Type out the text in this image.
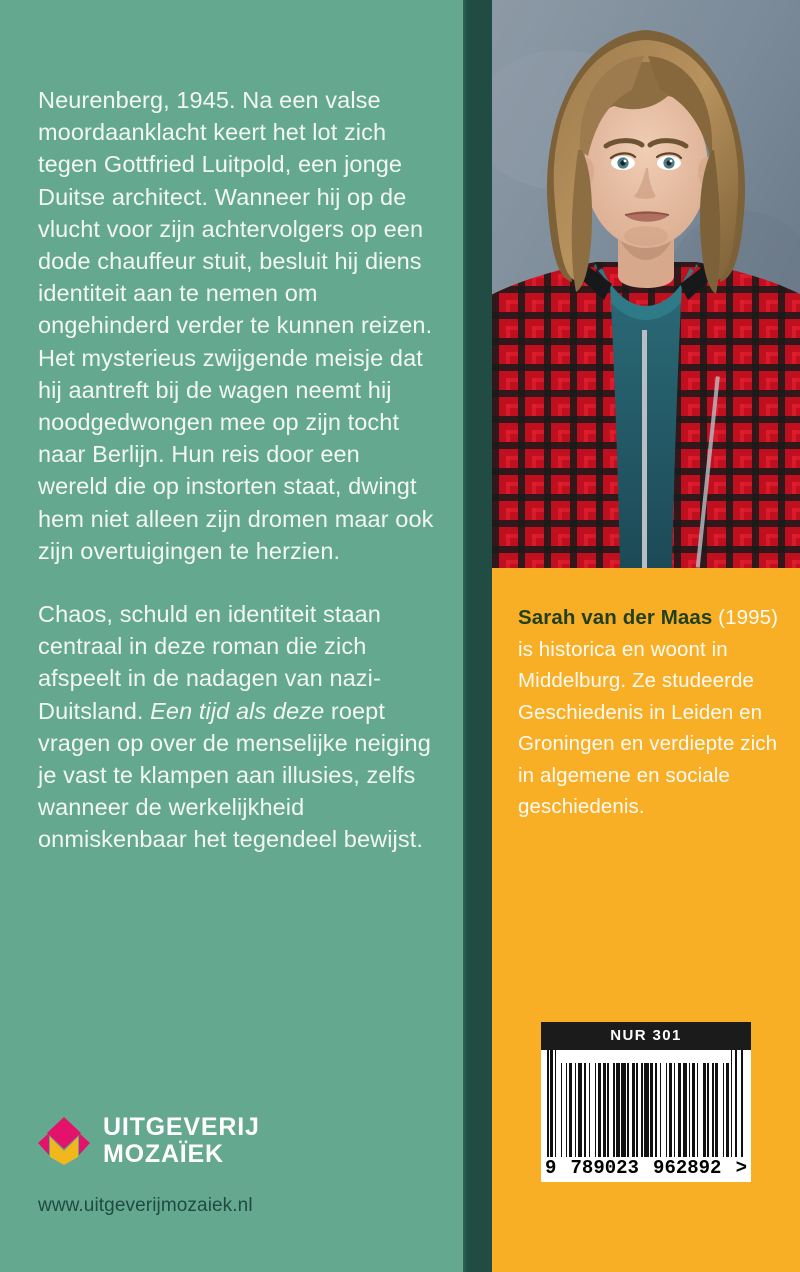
Neurenberg, 1945. Na een valse moordaanklacht keert het lot zich tegen Gottfried Luitpold, een jonge Duitse architect. Wanneer hij op de vlucht voor zijn achtervolgers op een dode chauffeur stuit, besluit hij diens identiteit aan te nemen om ongehinderd verder te kunnen reizen. Het mysterieus zwijgende meisje dat hij aantreft bij de wagen neemt hij noodgedwongen mee op zijn tocht naar Berlijn. Hun reis door een wereld die op instorten staat, dwingt hem niet alleen zijn dromen maar ook zijn overtuigingen te herzien.

Chaos, schuld en identiteit staan centraal in deze roman die zich afspeelt in de nadagen van nazi-Duitsland. Een tijd als deze roept vragen op over de menselijke neiging je vast te klampen aan illusies, zelfs wanneer de werkelijkheid onmiskenbaar het tegendeel bewijst.

UITGEVERIJ
MOZAÏEK
www.uitgeverijmozaiek.nl

Sarah van der Maas (1995) is historica en woont in Middelburg. Ze studeerde Geschiedenis in Leiden en Groningen en verdiepte zich in algemene en sociale geschiedenis.

NUR 301
9 789023 962892 >
